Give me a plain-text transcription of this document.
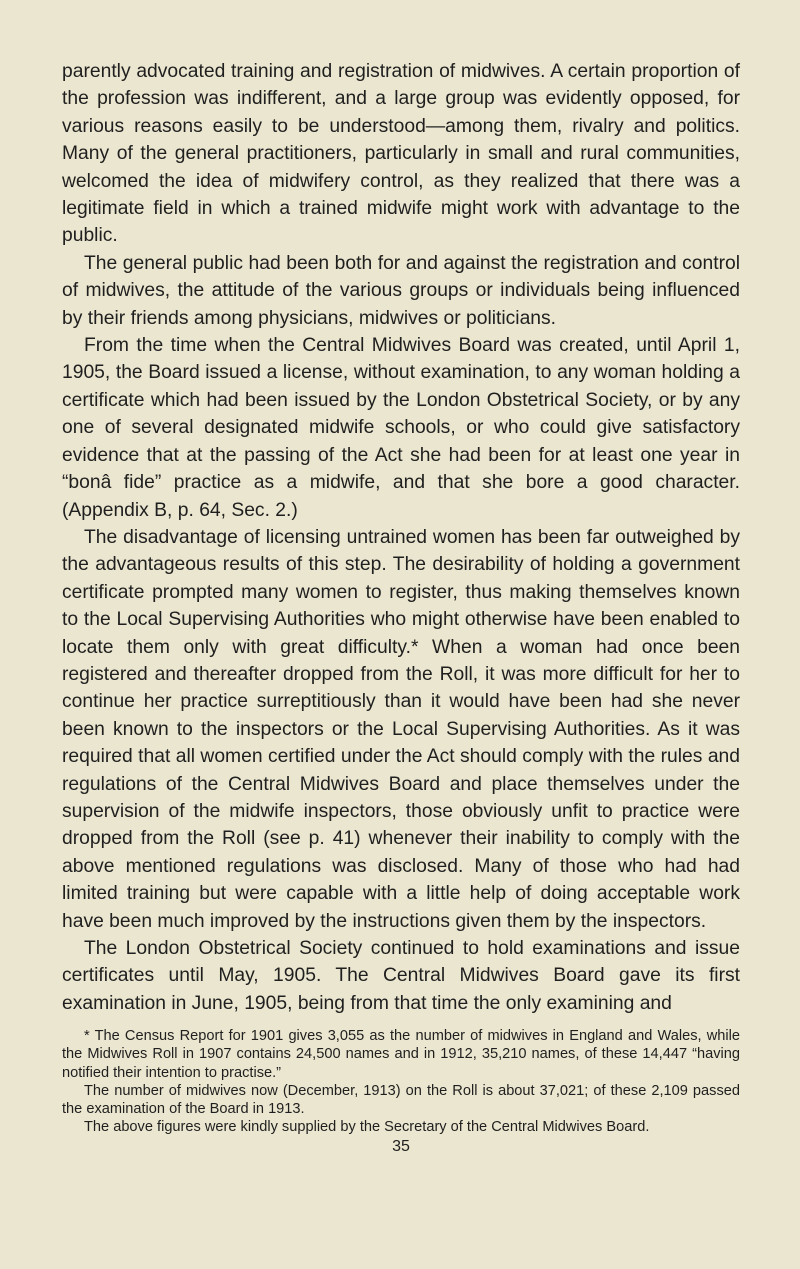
parently advocated training and registration of midwives. A certain proportion of the profession was indifferent, and a large group was evidently opposed, for various reasons easily to be understood—among them, rivalry and politics. Many of the general practitioners, particularly in small and rural communities, welcomed the idea of midwifery control, as they realized that there was a legitimate field in which a trained midwife might work with advantage to the public.

The general public had been both for and against the registration and control of midwives, the attitude of the various groups or individuals being influenced by their friends among physicians, midwives or politicians.

From the time when the Central Midwives Board was created, until April 1, 1905, the Board issued a license, without examination, to any woman holding a certificate which had been issued by the London Obstetrical Society, or by any one of several designated midwife schools, or who could give satisfactory evidence that at the passing of the Act she had been for at least one year in “bonâ fide” practice as a midwife, and that she bore a good character. (Appendix B, p. 64, Sec. 2.)

The disadvantage of licensing untrained women has been far outweighed by the advantageous results of this step. The desirability of holding a government certificate prompted many women to register, thus making themselves known to the Local Supervising Authorities who might otherwise have been enabled to locate them only with great difficulty.* When a woman had once been registered and thereafter dropped from the Roll, it was more difficult for her to continue her practice surreptitiously than it would have been had she never been known to the inspectors or the Local Supervising Authorities. As it was required that all women certified under the Act should comply with the rules and regulations of the Central Midwives Board and place themselves under the supervision of the midwife inspectors, those obviously unfit to practice were dropped from the Roll (see p. 41) whenever their inability to comply with the above mentioned regulations was disclosed. Many of those who had had limited training but were capable with a little help of doing acceptable work have been much improved by the instructions given them by the inspectors.

The London Obstetrical Society continued to hold examinations and issue certificates until May, 1905. The Central Midwives Board gave its first examination in June, 1905, being from that time the only examining and

* The Census Report for 1901 gives 3,055 as the number of midwives in England and Wales, while the Midwives Roll in 1907 contains 24,500 names and in 1912, 35,210 names, of these 14,447 “having notified their intention to practise.”

The number of midwives now (December, 1913) on the Roll is about 37,021; of these 2,109 passed the examination of the Board in 1913.

The above figures were kindly supplied by the Secretary of the Central Midwives Board.

35
